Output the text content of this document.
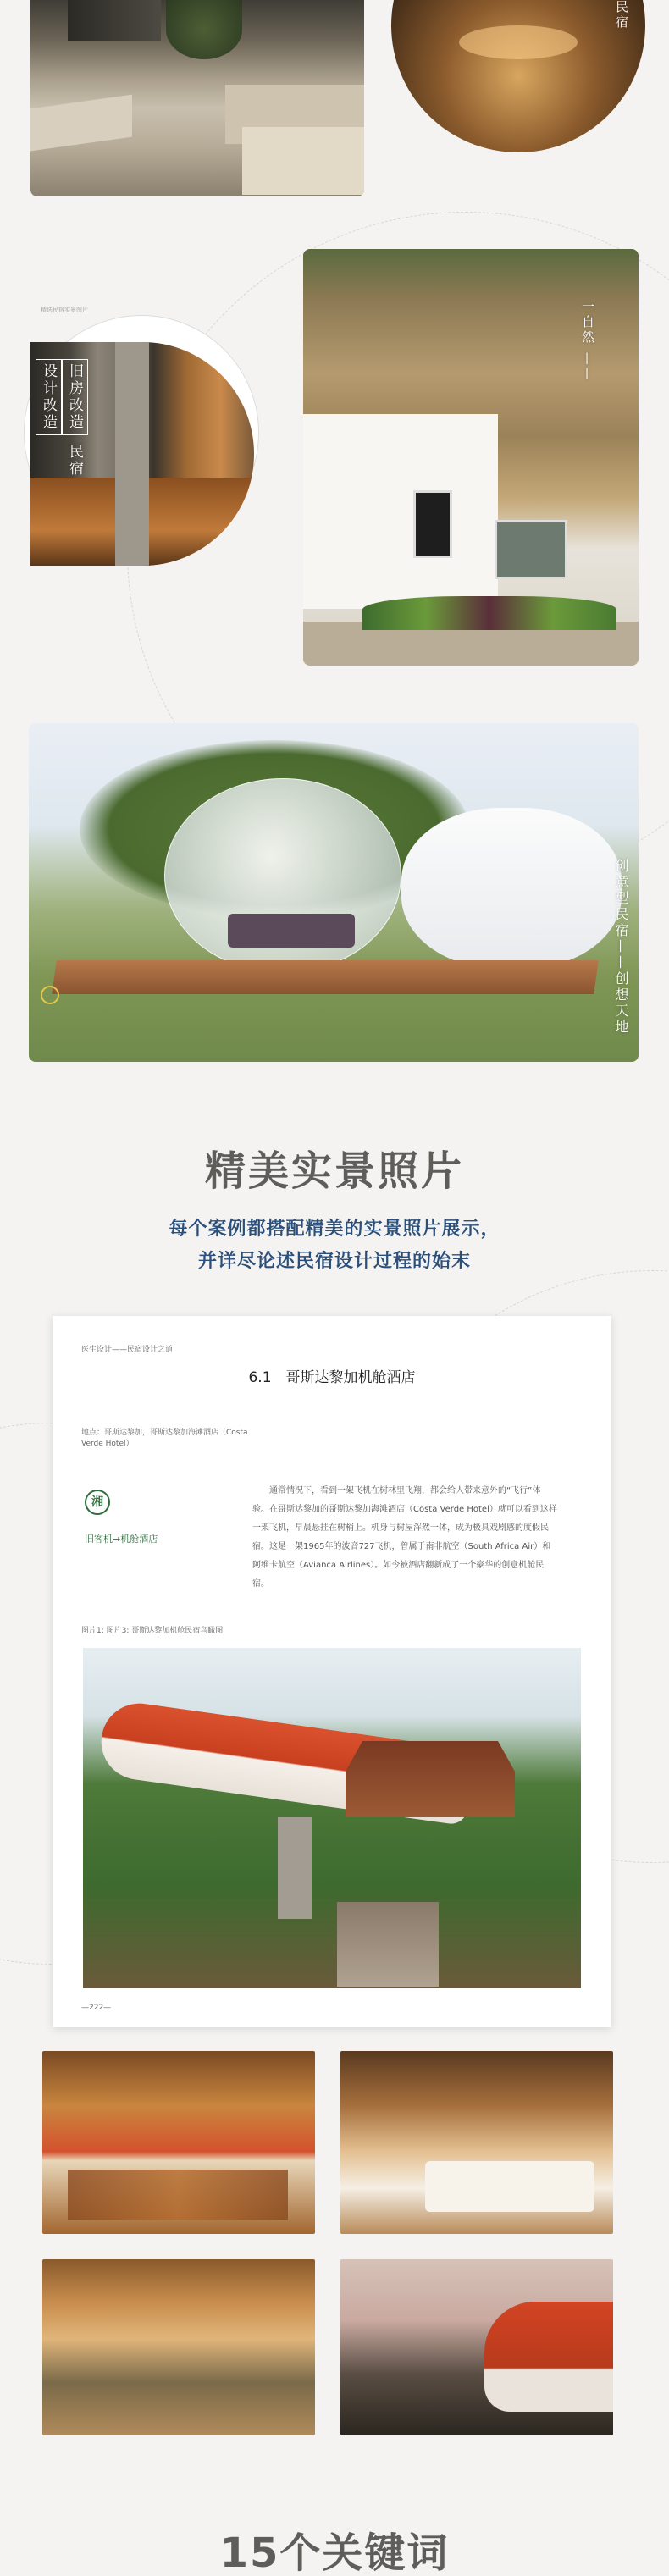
民宿
精选民宿实景图片
旧房改造民宿设计改造
一自然 ——
创意型民宿——创想天地
精美实景照片
每个案例都搭配精美的实景照片展示，
并详尽论述民宿设计过程的始末
医生设计——民宿设计之道
6.1　哥斯达黎加机舱酒店
地点：哥斯达黎加，哥斯达黎加海滩酒店（Costa Verde Hotel）
湘
旧客机→机舱酒店
通常情况下，看到一架飞机在树林里飞翔，都会给人带来意外的“飞行”体验。在哥斯达黎加的哥斯达黎加海滩酒店（Costa Verde Hotel）就可以看到这样一架飞机，早晨悬挂在树梢上。机身与树屋浑然一体，成为极具戏剧感的度假民宿。这是一架1965年的波音727飞机，曾属于南非航空（South Africa Air）和阿维卡航空（Avianca Airlines）。如今被酒店翻新成了一个豪华的创意机舱民宿。
图片1: 图片3: 哥斯达黎加机舱民宿鸟瞰图
—222—
15个关键词
